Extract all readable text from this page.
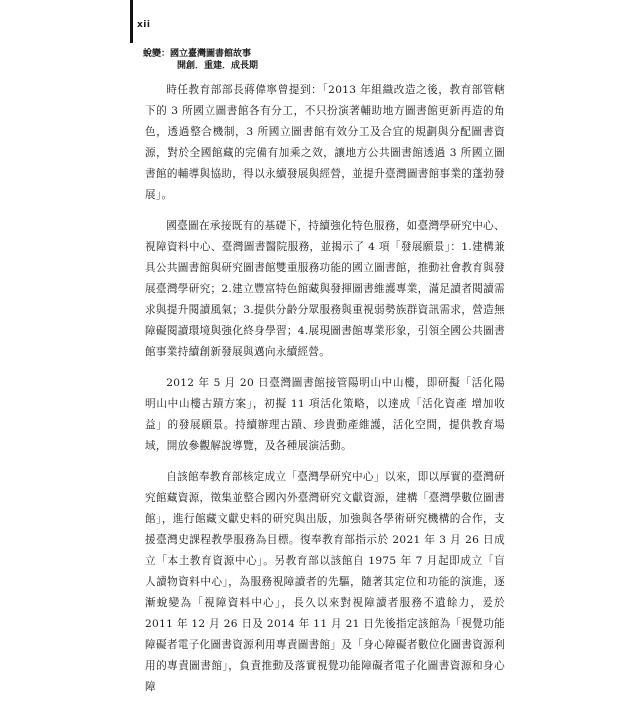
xii
蛻變：國立臺灣圖書館故事
開創．重建．成長期

時任教育部部長蔣偉寧曾提到：「2013 年組織改造之後，教育部管轄下的 3 所國立圖書館各有分工，不只扮演著輔助地方圖書館更新再造的角色，透過整合機制，3 所國立圖書館有效分工及合宜的規劃與分配圖書資源，對於全國館藏的完備有加乘之效，讓地方公共圖書館透過 3 所國立圖書館的輔導與協助，得以永續發展與經營，並提升臺灣圖書館事業的蓬勃發展」。

國臺圖在承接既有的基礎下，持續強化特色服務，如臺灣學研究中心、視障資料中心、臺灣圖書醫院服務，並揭示了 4 項「發展願景」：1.建構兼具公共圖書館與研究圖書館雙重服務功能的國立圖書館，推動社會教育與發展臺灣學研究；2.建立豐富特色館藏與發揮圖書維護專業，滿足讀者閱讀需求與提升閱讀風氣；3.提供分齡分眾服務與重視弱勢族群資訊需求，營造無障礙閱讀環境與強化終身學習；4.展現圖書館專業形象，引領全國公共圖書館事業持續創新發展與邁向永續經營。

2012 年 5 月 20 日臺灣圖書館接管陽明山中山樓，即研擬「活化陽明山中山樓古蹟方案」，初擬 11 項活化策略，以達成「活化資產 增加收益」的發展願景。持續辦理古蹟、珍貴動產維護，活化空間，提供教育場域，開放參觀解說導覽，及各種展演活動。

自該館奉教育部核定成立「臺灣學研究中心」以來，即以厚實的臺灣研究館藏資源，徵集並整合國內外臺灣研究文獻資源，建構「臺灣學數位圖書館」，進行館藏文獻史料的研究與出版，加強與各學術研究機構的合作，支援臺灣史課程教學服務為目標。復奉教育部指示於 2021 年 3 月 26 日成立「本土教育資源中心」。另教育部以該館自 1975 年 7 月起即成立「盲人讀物資料中心」，為服務視障讀者的先驅，隨著其定位和功能的演進，逐漸蛻變為「視障資料中心」，長久以來對視障讀者服務不遺餘力，爰於 2011 年 12 月 26 日及 2014 年 11 月 21 日先後指定該館為「視覺功能障礙者電子化圖書資源利用專責圖書館」及「身心障礙者數位化圖書資源利用的專責圖書館」，負責推動及落實視覺功能障礙者電子化圖書資源和身心障
